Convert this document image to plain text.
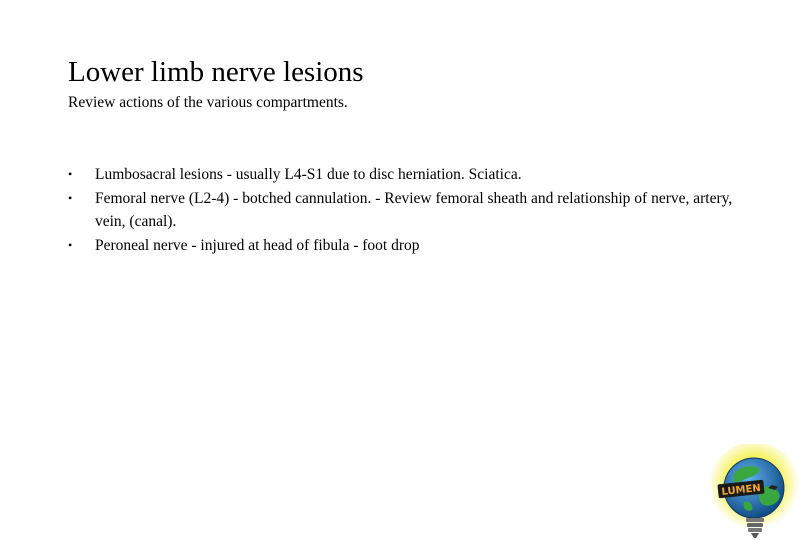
Lower limb nerve lesions
Review actions of the various compartments.
• Lumbosacral lesions - usually L4-S1 due to disc herniation. Sciatica.
• Femoral nerve (L2-4) - botched cannulation. - Review femoral sheath and relationship of nerve, artery, vein, (canal).
• Peroneal nerve - injured at head of fibula - foot drop
LUMEN
